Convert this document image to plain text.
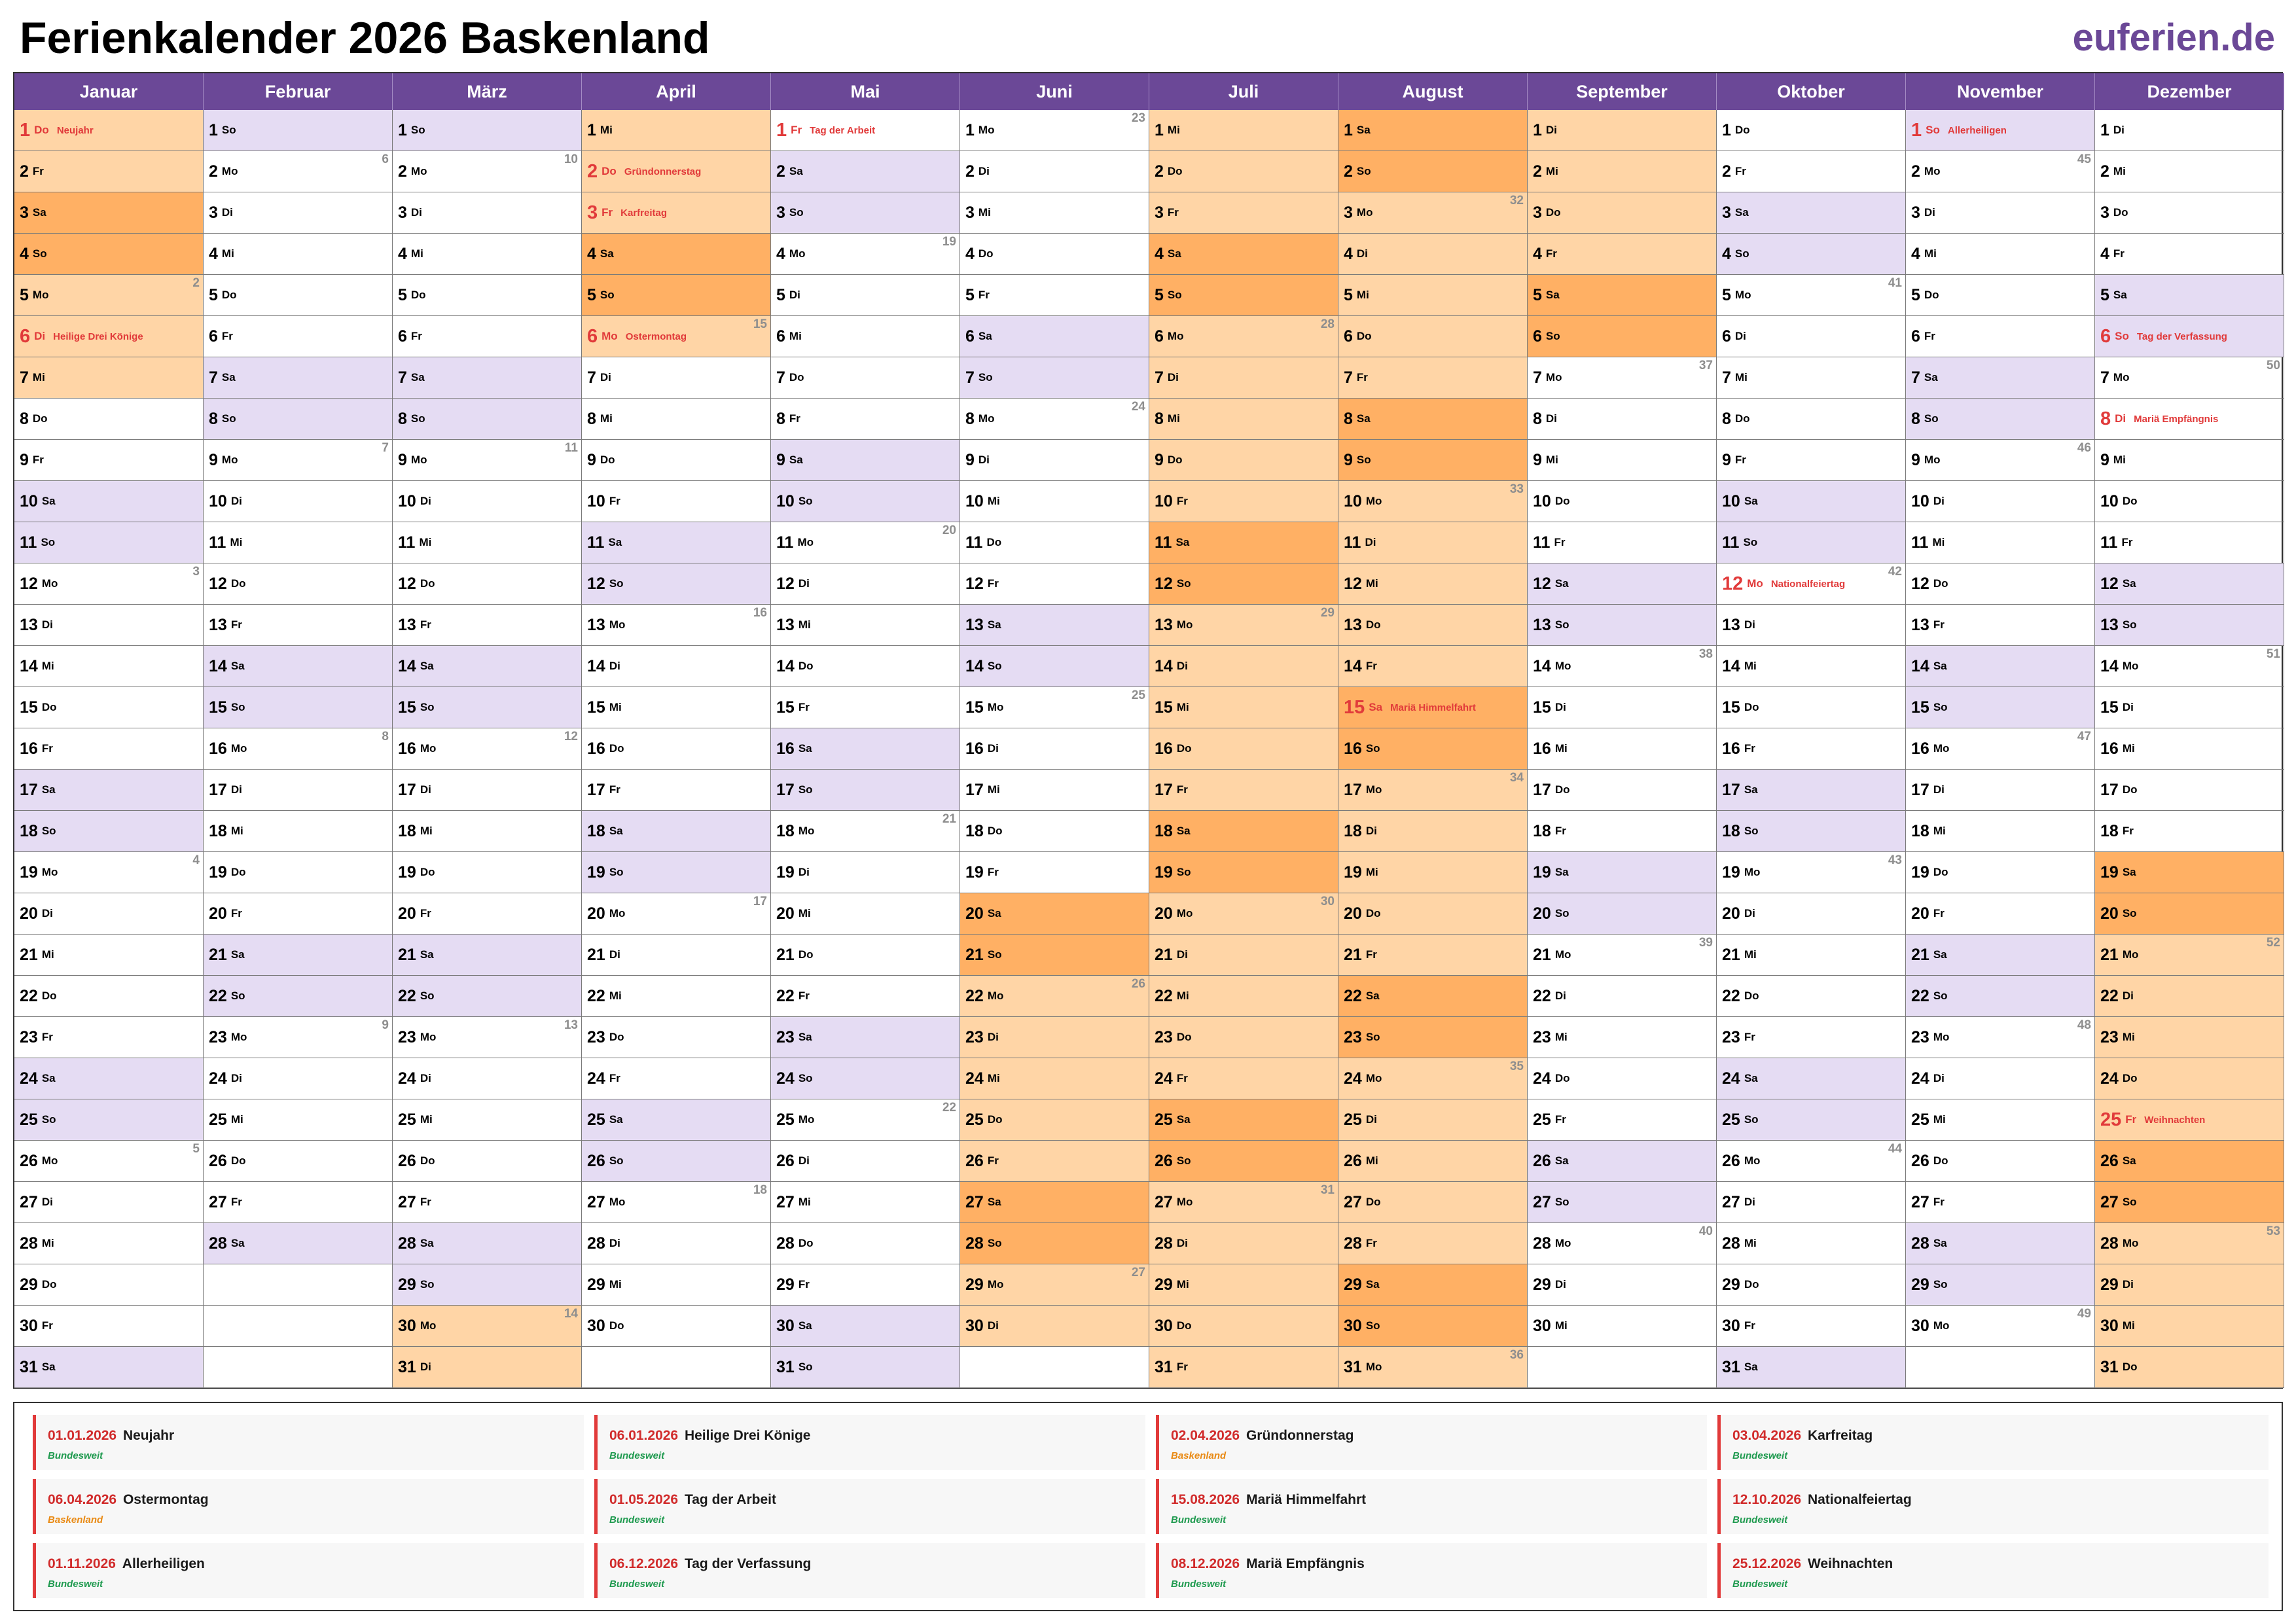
Ferienkalender 2026 Baskenland	euferien.de
Januar
1 Do Neujahr
2 Fr
3 Sa
4 So
5 Mo
2
6 Di Heilige Drei Könige
7 Mi
8 Do
9 Fr
10 Sa
11 So
12 Mo
3
13 Di
14 Mi
15 Do
16 Fr
17 Sa
18 So
19 Mo
4
20 Di
21 Mi
22 Do
23 Fr
24 Sa
25 So
26 Mo
5
27 Di
28 Mi
29 Do
30 Fr
31 Sa
Februar
1 So
2 Mo
6
3 Di
4 Mi
5 Do
6 Fr
7 Sa
8 So
9 Mo
7
10 Di
11 Mi
12 Do
13 Fr
14 Sa
15 So
16 Mo
8
17 Di
18 Mi
19 Do
20 Fr
21 Sa
22 So
23 Mo
9
24 Di
25 Mi
26 Do
27 Fr
28 Sa
März
1 So
2 Mo
10
3 Di
4 Mi
5 Do
6 Fr
7 Sa
8 So
9 Mo
11
10 Di
11 Mi
12 Do
13 Fr
14 Sa
15 So
16 Mo
12
17 Di
18 Mi
19 Do
20 Fr
21 Sa
22 So
23 Mo
13
24 Di
25 Mi
26 Do
27 Fr
28 Sa
29 So
30 Mo
14
31 Di
April
1 Mi
2 Do Gründonnerstag
3 Fr Karfreitag
4 Sa
5 So
6 Mo Ostermontag
15
7 Di
8 Mi
9 Do
10 Fr
11 Sa
12 So
13 Mo
16
14 Di
15 Mi
16 Do
17 Fr
18 Sa
19 So
20 Mo
17
21 Di
22 Mi
23 Do
24 Fr
25 Sa
26 So
27 Mo
18
28 Di
29 Mi
30 Do
Mai
1 Fr Tag der Arbeit
2 Sa
3 So
4 Mo
19
5 Di
6 Mi
7 Do
8 Fr
9 Sa
10 So
11 Mo
20
12 Di
13 Mi
14 Do
15 Fr
16 Sa
17 So
18 Mo
21
19 Di
20 Mi
21 Do
22 Fr
23 Sa
24 So
25 Mo
22
26 Di
27 Mi
28 Do
29 Fr
30 Sa
31 So
Juni
1 Mo
23
2 Di
3 Mi
4 Do
5 Fr
6 Sa
7 So
8 Mo
24
9 Di
10 Mi
11 Do
12 Fr
13 Sa
14 So
15 Mo
25
16 Di
17 Mi
18 Do
19 Fr
20 Sa
21 So
22 Mo
26
23 Di
24 Mi
25 Do
26 Fr
27 Sa
28 So
29 Mo
27
30 Di
Juli
1 Mi
2 Do
3 Fr
4 Sa
5 So
6 Mo
28
7 Di
8 Mi
9 Do
10 Fr
11 Sa
12 So
13 Mo
29
14 Di
15 Mi
16 Do
17 Fr
18 Sa
19 So
20 Mo
30
21 Di
22 Mi
23 Do
24 Fr
25 Sa
26 So
27 Mo
31
28 Di
29 Mi
30 Do
31 Fr
August
1 Sa
2 So
3 Mo
32
4 Di
5 Mi
6 Do
7 Fr
8 Sa
9 So
10 Mo
33
11 Di
12 Mi
13 Do
14 Fr
15 Sa Mariä Himmelfahrt
16 So
17 Mo
34
18 Di
19 Mi
20 Do
21 Fr
22 Sa
23 So
24 Mo
35
25 Di
26 Mi
27 Do
28 Fr
29 Sa
30 So
31 Mo
36
September
1 Di
2 Mi
3 Do
4 Fr
5 Sa
6 So
7 Mo
37
8 Di
9 Mi
10 Do
11 Fr
12 Sa
13 So
14 Mo
38
15 Di
16 Mi
17 Do
18 Fr
19 Sa
20 So
21 Mo
39
22 Di
23 Mi
24 Do
25 Fr
26 Sa
27 So
28 Mo
40
29 Di
30 Mi
Oktober
1 Do
2 Fr
3 Sa
4 So
5 Mo
41
6 Di
7 Mi
8 Do
9 Fr
10 Sa
11 So
12 Mo Nationalfeiertag
42
13 Di
14 Mi
15 Do
16 Fr
17 Sa
18 So
19 Mo
43
20 Di
21 Mi
22 Do
23 Fr
24 Sa
25 So
26 Mo
44
27 Di
28 Mi
29 Do
30 Fr
31 Sa
November
1 So Allerheiligen
2 Mo
45
3 Di
4 Mi
5 Do
6 Fr
7 Sa
8 So
9 Mo
46
10 Di
11 Mi
12 Do
13 Fr
14 Sa
15 So
16 Mo
47
17 Di
18 Mi
19 Do
20 Fr
21 Sa
22 So
23 Mo
48
24 Di
25 Mi
26 Do
27 Fr
28 Sa
29 So
30 Mo
49
Dezember
1 Di
2 Mi
3 Do
4 Fr
5 Sa
6 So Tag der Verfassung
7 Mo
50
8 Di Mariä Empfängnis
9 Mi
10 Do
11 Fr
12 Sa
13 So
14 Mo
51
15 Di
16 Mi
17 Do
18 Fr
19 Sa
20 So
21 Mo
52
22 Di
23 Mi
24 Do
25 Fr Weihnachten
26 Sa
27 So
28 Mo
53
29 Di
30 Mi
31 Do
01.01.2026 Neujahr
Bundesweit
06.01.2026 Heilige Drei Könige
Bundesweit
02.04.2026 Gründonnerstag
Baskenland
03.04.2026 Karfreitag
Bundesweit
06.04.2026 Ostermontag
Baskenland
01.05.2026 Tag der Arbeit
Bundesweit
15.08.2026 Mariä Himmelfahrt
Bundesweit
12.10.2026 Nationalfeiertag
Bundesweit
01.11.2026 Allerheiligen
Bundesweit
06.12.2026 Tag der Verfassung
Bundesweit
08.12.2026 Mariä Empfängnis
Bundesweit
25.12.2026 Weihnachten
Bundesweit
